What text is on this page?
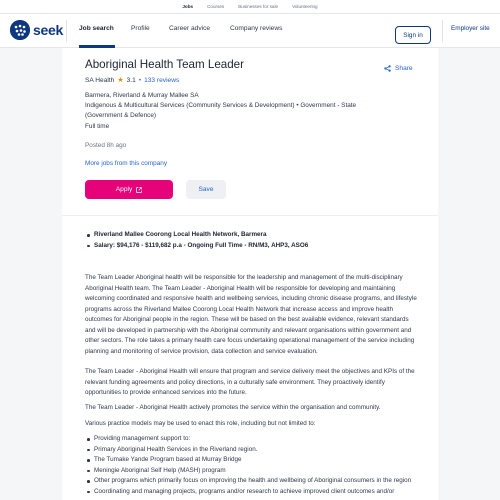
Jobs	Courses	Businesses for sale	Volunteering
seek Job search	Profile	Career advice	Company reviews
Sign in
Employer site
Aboriginal Health Team Leader	Share
SA Health ★ 3.1 • 133 reviews
Barmera, Riverland & Murray Mallee SA
Indigenous & Multicultural Services (Community Services & Development) • Government - State (Government & Defence)
Full time
Posted 8h ago
More jobs from this company
Apply	Save
Riverland Mallee Coorong Local Health Network, Barmera
Salary: $94,176 - $119,682 p.a - Ongoing Full Time - RN/M3, AHP3, ASO6

The Team Leader Aboriginal health will be responsible for the leadership and management of the multi-disciplinary Aboriginal Health team. The Team Leader - Aboriginal Health will be responsible for developing and maintaining welcoming coordinated and responsive health and wellbeing services, including chronic disease programs, and lifestyle programs across the Riverland Mallee Coorong Local Health Network that increase access and improve health outcomes for Aboriginal people in the region. These will be based on the best available evidence, relevant standards and will be developed in partnership with the Aboriginal community and relevant organisations within government and other sectors. The role takes a primary health care focus undertaking operational management of the service including planning and monitoring of service provision, data collection and service evaluation.

The Team Leader - Aboriginal Health will ensure that program and service delivery meet the objectives and KPIs of the relevant funding agreements and policy directions, in a culturally safe environment. They proactively identify opportunities to provide enhanced services into the future.

The Team Leader - Aboriginal Health actively promotes the service within the organisation and community.

Various practice models may be used to enact this role, including but not limited to:

Providing management support to:
Primary Aboriginal Health Services in the Riverland region.
The Tumake Yande Program based at Murray Bridge
Meningie Aboriginal Self Help (MASH) program
Other programs which primarily focus on improving the health and wellbeing of Aboriginal consumers in the region
Coordinating and managing projects, programs and/or research to achieve improved client outcomes and/or
